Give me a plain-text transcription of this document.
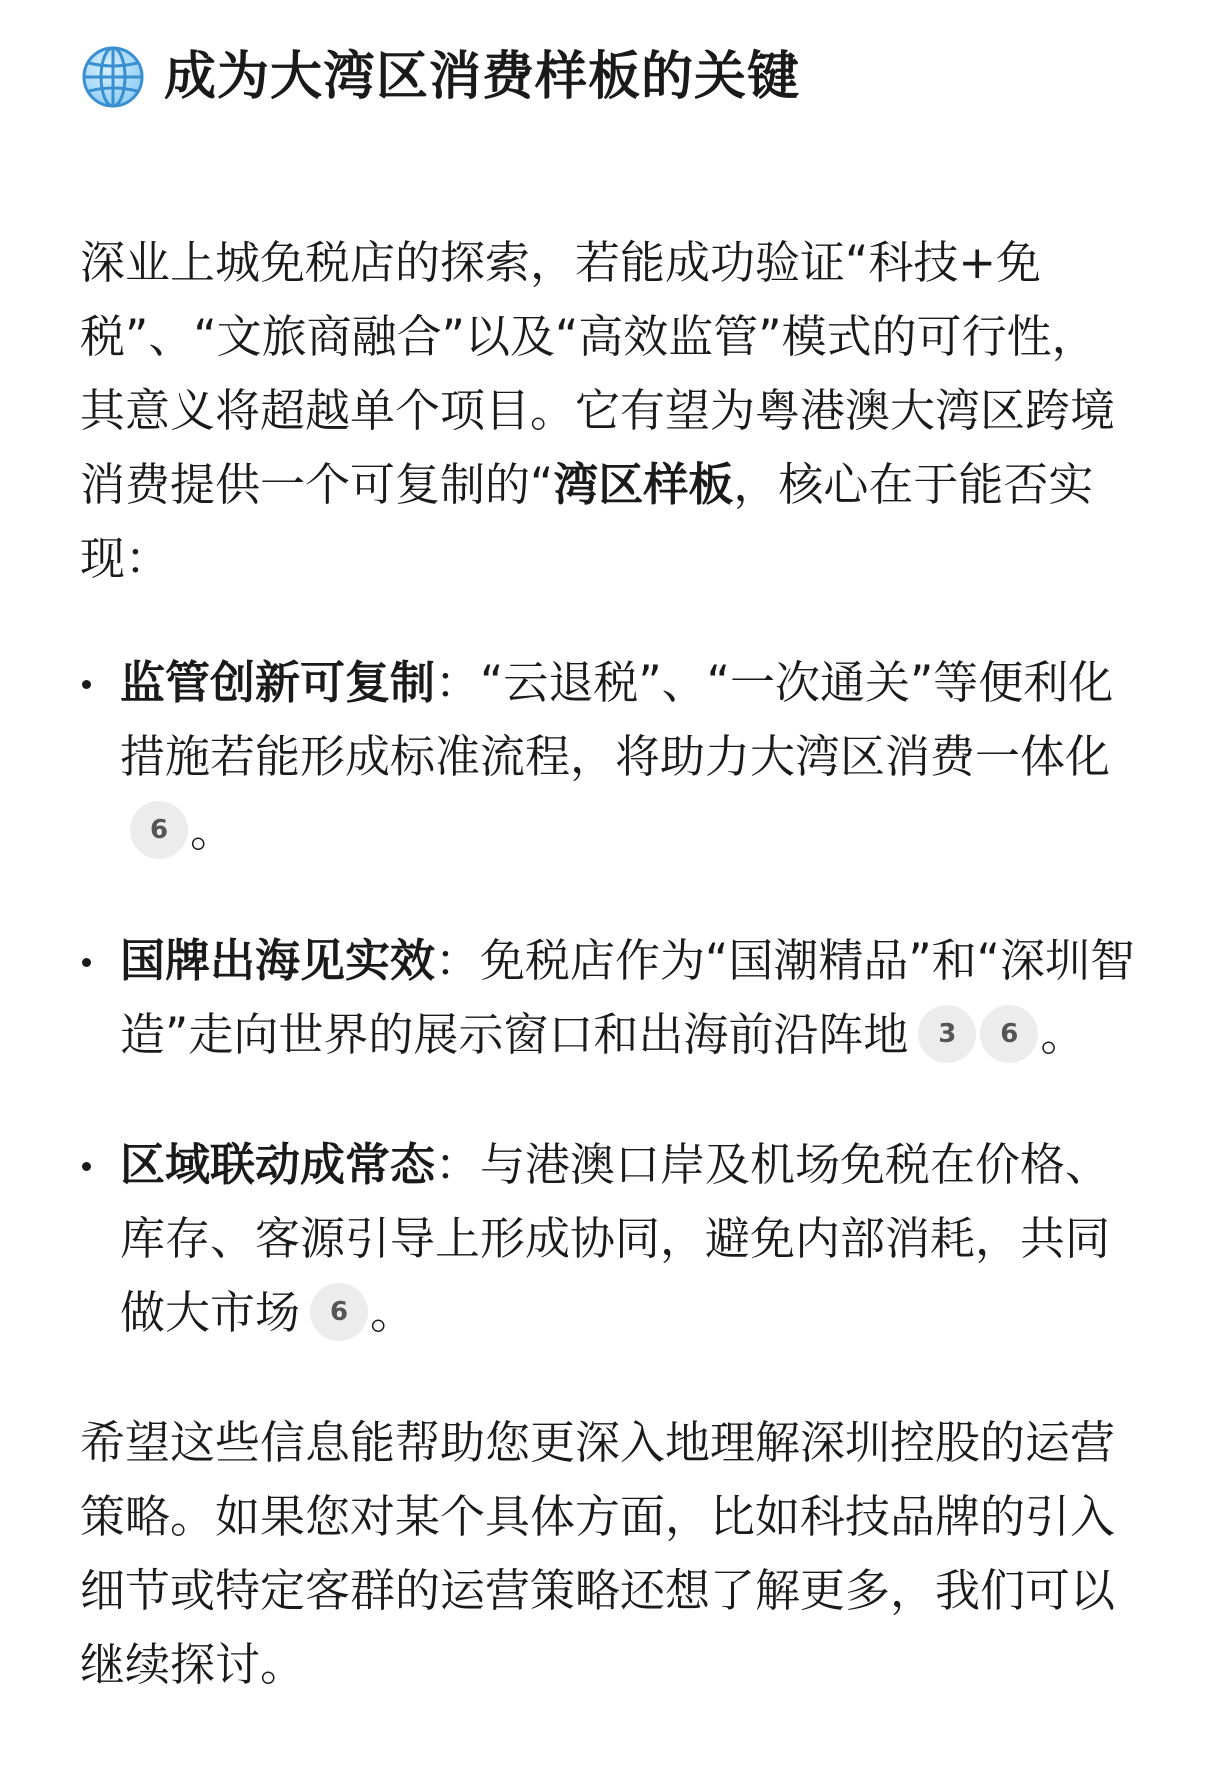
成为大湾区消费样板的关键

深业上城免税店的探索，若能成功验证“科技+免税”、“文旅商融合”以及“高效监管”模式的可行性，其意义将超越单个项目。它有望为粤港澳大湾区跨境消费提供一个可复制的“湾区样板，核心在于能否实现：

监管创新可复制：“云退税”、“一次通关”等便利化措施若能形成标准流程，将助力大湾区消费一体化6 。
国牌出海见实效：免税店作为“国潮精品”和“深圳智造”走向世界的展示窗口和出海前沿阵地 3 6 。
区域联动成常态：与港澳口岸及机场免税在价格、库存、客源引导上形成协同，避免内部消耗，共同做大市场 6 。

希望这些信息能帮助您更深入地理解深圳控股的运营策略。如果您对某个具体方面，比如科技品牌的引入细节或特定客群的运营策略还想了解更多，我们可以继续探讨。
